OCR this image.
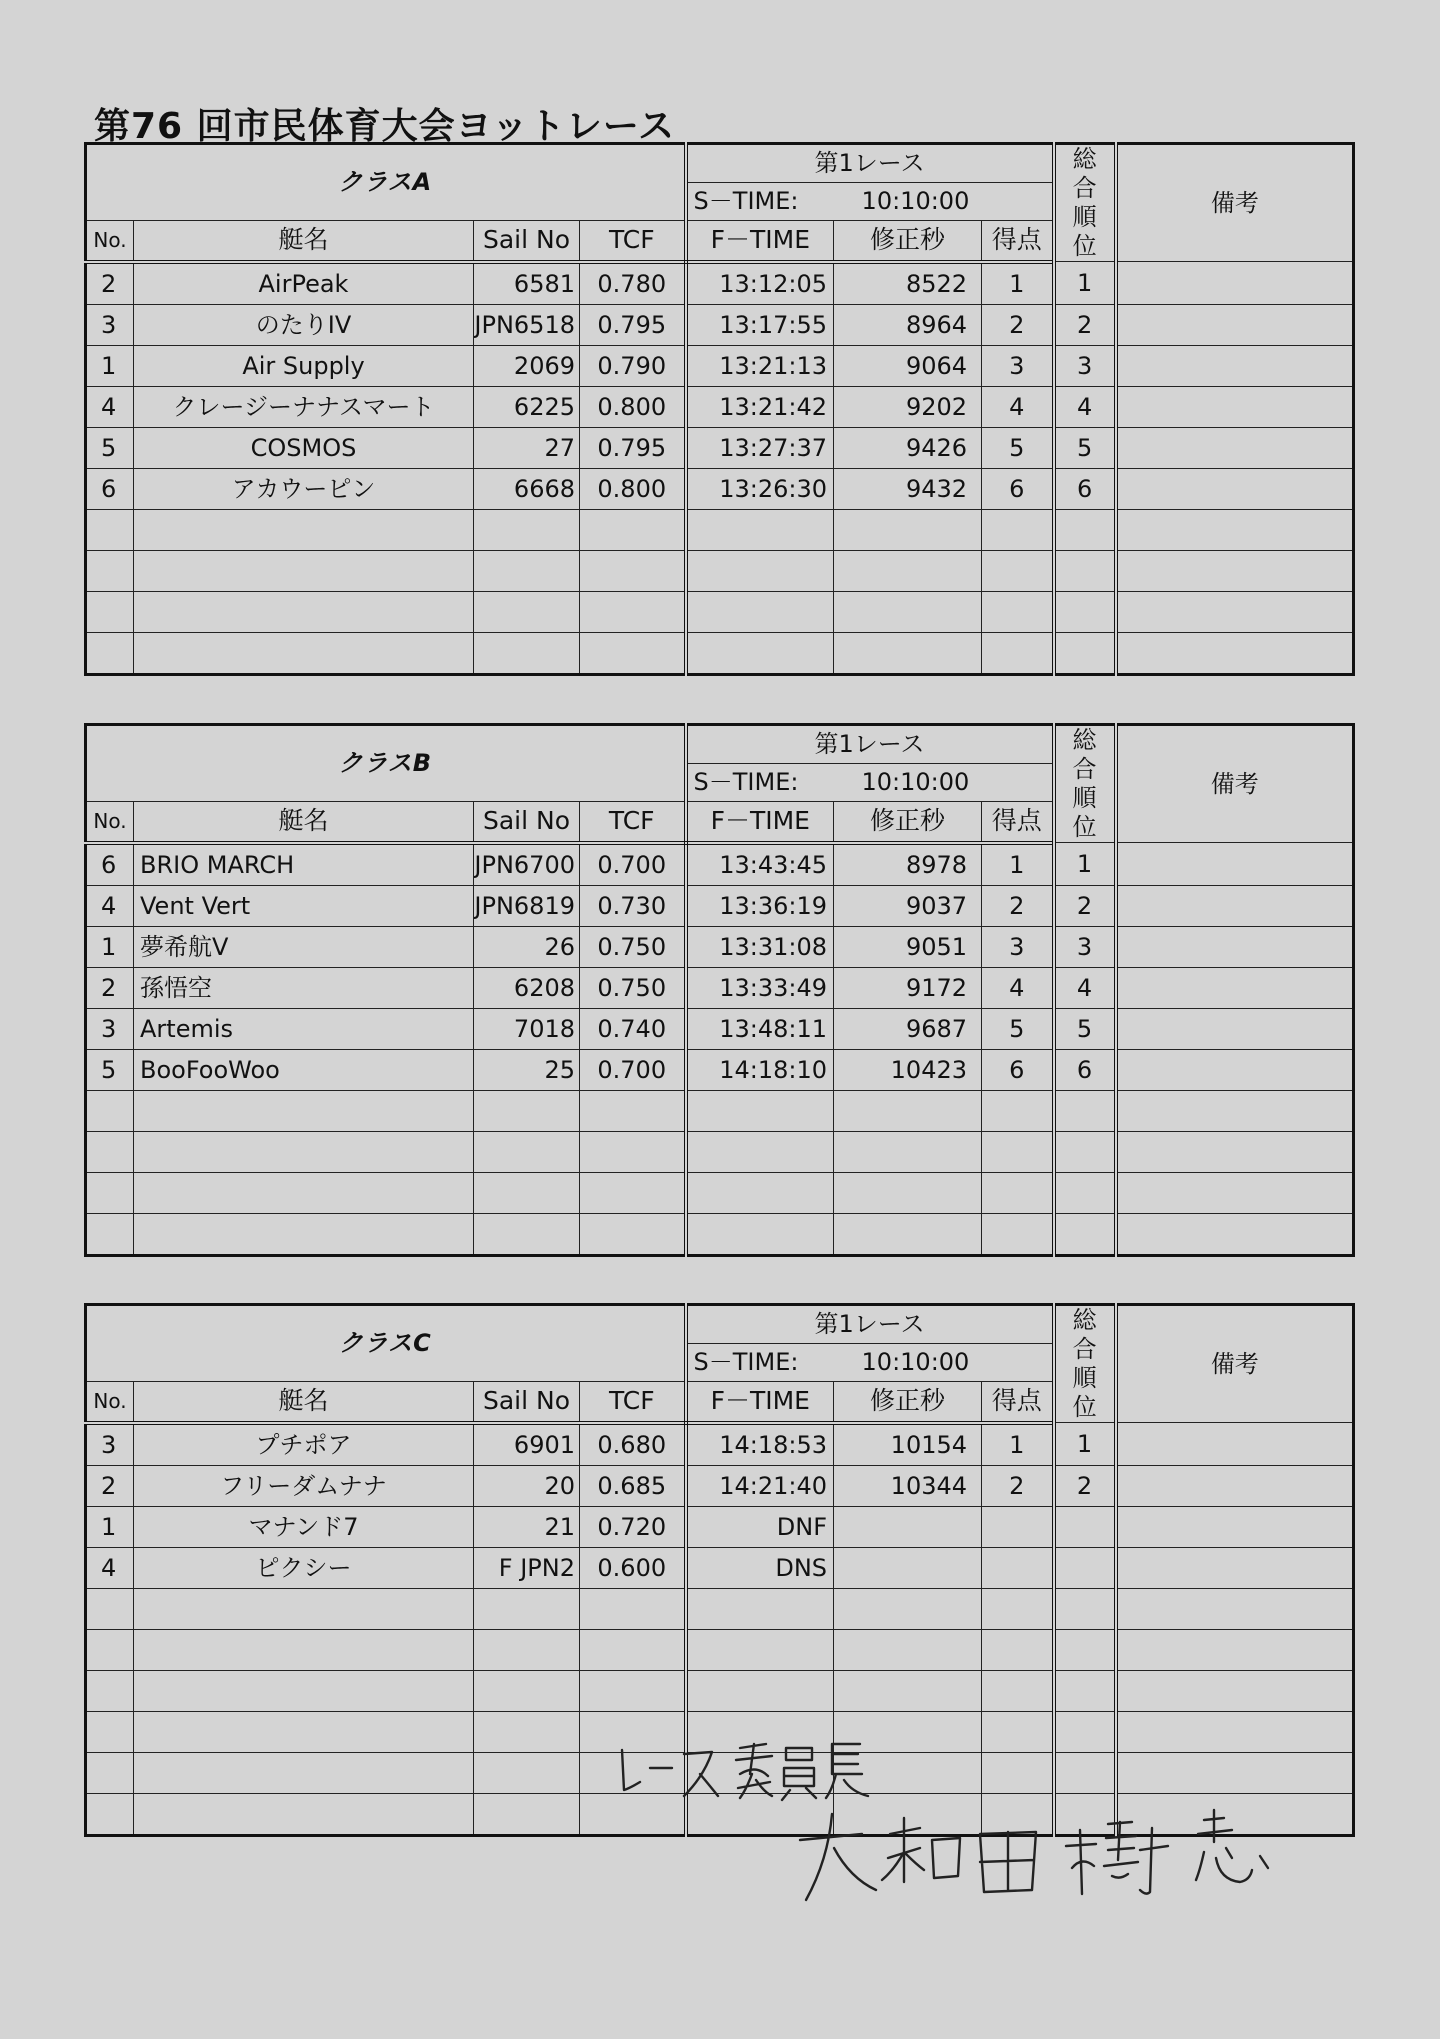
第76 回市民体育大会ヨットレース
クラスA				第1レース			総
合
順
位	備考
				S－TIME: 10:10:00				
No.	艇名	Sail No	TCF	F－TIME	修正秒	得点		
2	AirPeak	6581	0.780	13:12:05	8522	1	1	
3	のたりIV	JPN6518	0.795	13:17:55	8964	2	2	
1	Air Supply	2069	0.790	13:21:13	9064	3	3	
4	クレージーナナスマート	6225	0.800	13:21:42	9202	4	4	
5	COSMOS	27	0.795	13:27:37	9426	5	5	
6	アカウーピン	6668	0.800	13:26:30	9432	6	6	

クラスB				第1レース			総
合
順
位	備考
				S－TIME: 10:10:00				
No.	艇名	Sail No	TCF	F－TIME	修正秒	得点		
6	BRIO MARCH	JPN6700	0.700	13:43:45	8978	1	1	
4	Vent Vert	JPN6819	0.730	13:36:19	9037	2	2	
1	夢希航V	26	0.750	13:31:08	9051	3	3	
2	孫悟空	6208	0.750	13:33:49	9172	4	4	
3	Artemis	7018	0.740	13:48:11	9687	5	5	
5	BooFooWoo	25	0.700	14:18:10	10423	6	6	

クラスC				第1レース			総
合
順
位	備考
				S－TIME: 10:10:00				
No.	艇名	Sail No	TCF	F－TIME	修正秒	得点		
3	プチポア	6901	0.680	14:18:53	10154	1	1	
2	フリーダムナナ	20	0.685	14:21:40	10344	2	2	
1	マナンド7	21	0.720	DNF				
4	ピクシー	F JPN2	0.600	DNS				
